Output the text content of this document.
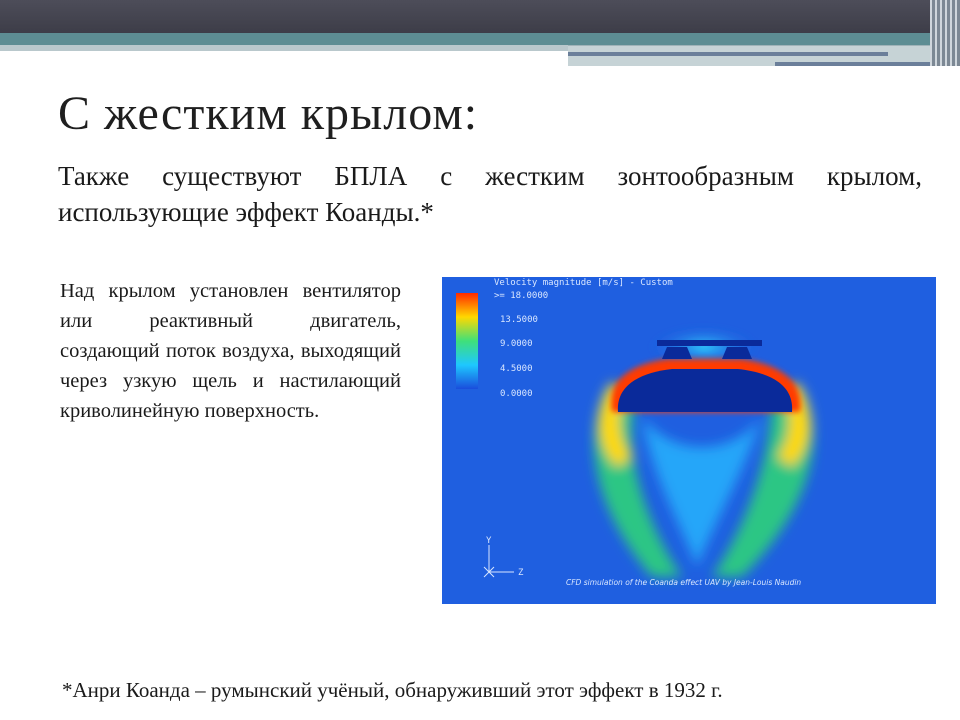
С жестким крылом:
Также существуют БПЛА с жестким зонтообразным крылом, использующие эффект Коанды.*
Над крылом установлен вентилятор или реактивный двигатель, создающий поток воздуха, выходящий через узкую щель и настилающий криволинейную поверхность.
>= 18.0000
13.5000
9.0000
4.5000
0.0000
Velocity magnitude [m/s] - Custom
Y
Z
CFD simulation of the Coanda effect UAV by Jean-Louis Naudin
*Анри Коанда – румынский учёный, обнаруживший этот эффект в 1932 г.
